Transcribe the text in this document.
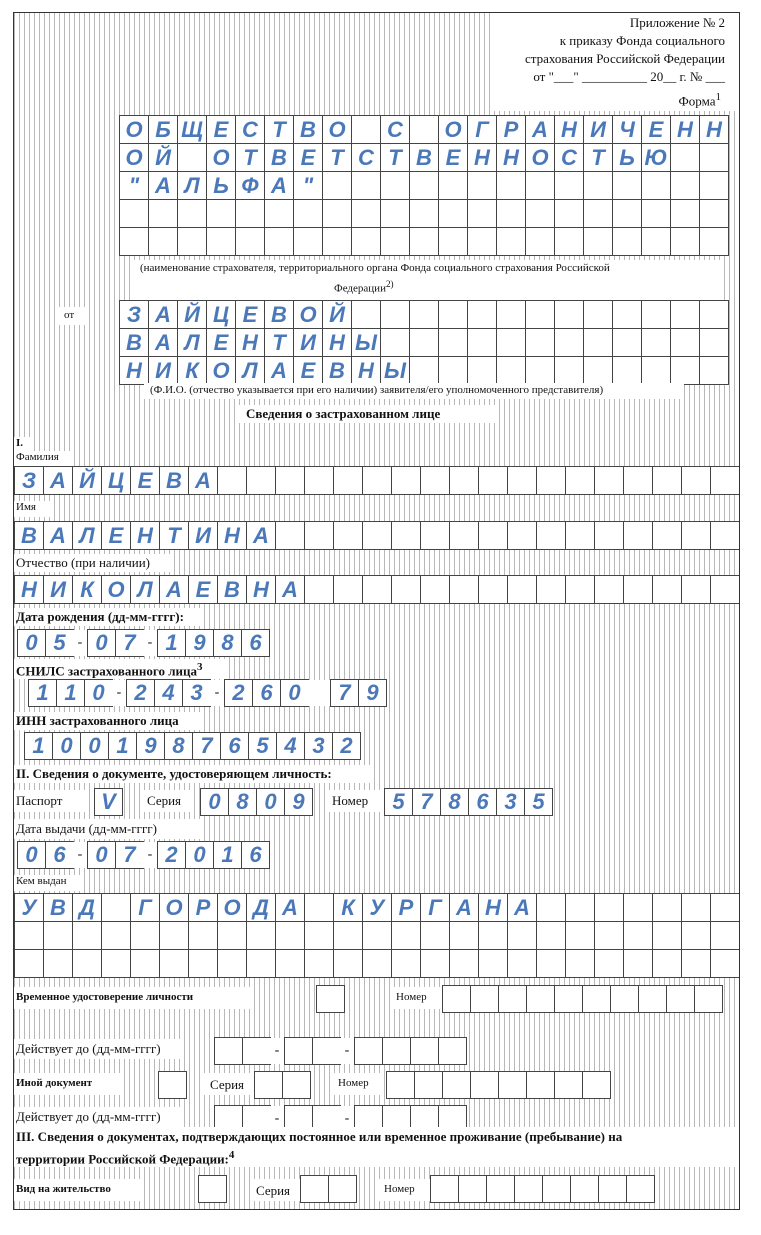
Приложение № 2
к приказу Фонда социального
страхования Российской Федерации
от "___" __________ 20__ г. № ___
Форма$^1$
О Б Щ Е С Т В О С	О Г Р А Н И Ч Е Н Н
О Й	О Т В Е Т С Т В Е Н Н О С Т Ь Ю
" А Л Ь Ф А "
(наименование страхователя, территориального органа Фонда социального страхования Российской
Федерации$^{2)}$
от	З А Й Ц Е В О Й
В А Л Е Н Т И Н Ы
Н И К О Л А Е В Н Ы
(Ф.И.О. (отчество указывается при его наличии) заявителя/его уполномоченного представителя)
Сведения о застрахованном лице
I.
Фамилия
З А Й Ц Е В А
Имя
В А Л Е Н Т И Н А
Отчество (при наличии)
Н И К О Л А Е В Н А
Дата рождения (дд-мм-гггг):
0 5 - 0 7 - 1 9 8 6
СНИЛС застрахованного лица$^3$
1 1 0 - 2 4 3 - 2 6 0	7 9
ИНН застрахованного лица
1 0 0 1 9 8 7 6 5 4 3 2
II. Сведения о документе, удостоверяющем личность:
Паспорт	V	Серия	0 8 0 9	Номер	5 7 8 6 3 5
Дата выдачи (дд-мм-гггг)
0 6 - 0 7 - 2 0 1 6
Кем выдан
У В Д	Г О Р О Д А	К У Р Г А Н А
Временное удостоверение личности	Номер
Действует до (дд-мм-гггг)	-	-
Иной документ	Серия	Номер
Действует до (дд-мм-гггг)	-	-
III. Сведения о документах, подтверждающих постоянное или временное проживание (пребывание) на
территории Российской Федерации:$^4$
Вид на жительство	Серия	Номер
